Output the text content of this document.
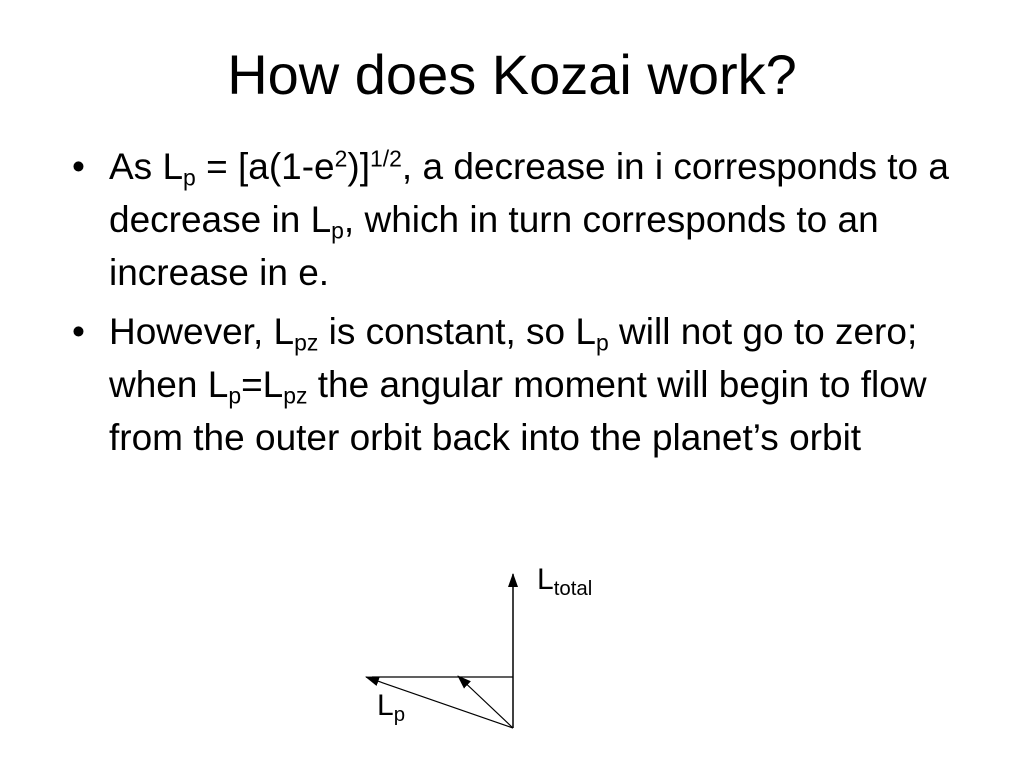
How does Kozai work?
• As $L_p = [a(1-e^2)]^{1/2}$, a decrease in i corresponds to a decrease in $L_p$, which in turn corresponds to an increase in e.
• However, $L_{pz}$ is constant, so $L_p$ will not go to zero; when $L_p=L_{pz}$ the angular moment will begin to flow from the outer orbit back into the planet’s orbit
$L_{total}$
$L_p$
